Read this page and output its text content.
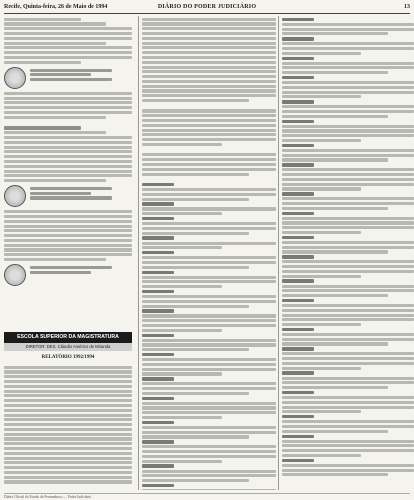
Recife, Quinta-feira, 26 de Maio de 1994	DIÁRIO DO PODER JUDICIÁRIO	13
ESCOLA SUPERIOR DA MAGISTRATURA
DIRETOR: DES. Cláudio Américo de Miranda
RELATÓRIO 1992/1994
Diário Oficial do Estado de Pernambuco — Poder Judiciário
